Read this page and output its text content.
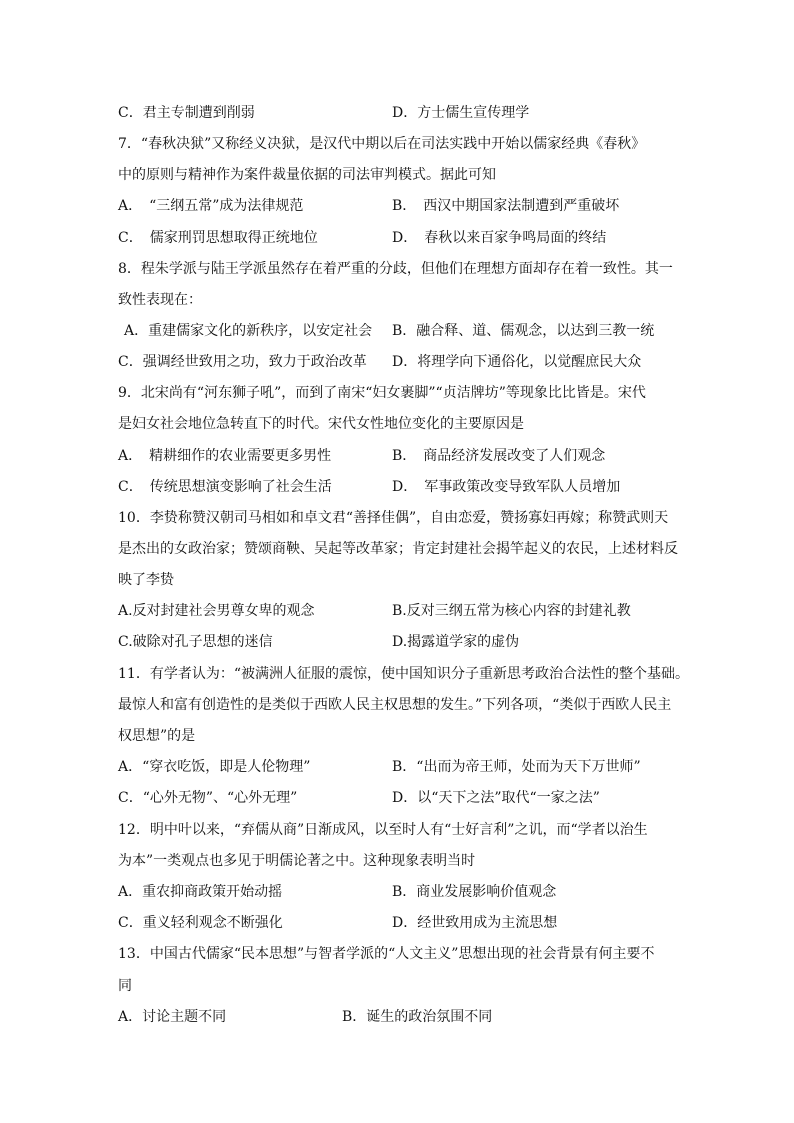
C．君主专制遭到削弱	D．方士儒生宣传理学
7．“春秋决狱”又称经义决狱，是汉代中期以后在司法实践中开始以儒家经典《春秋》
中的原则与精神作为案件裁量依据的司法审判模式。据此可知
A．　“三纲五常”成为法律规范	B．　西汉中期国家法制遭到严重破坏
C．　儒家刑罚思想取得正统地位	D．　春秋以来百家争鸣局面的终结
8．程朱学派与陆王学派虽然存在着严重的分歧，但他们在理想方面却存在着一致性。其一
致性表现在：
A．重建儒家文化的新秩序，以安定社会 B．融合释、道、儒观念，以达到三教一统
C．强调经世致用之功，致力于政治改革 D．将理学向下通俗化，以觉醒庶民大众
9．北宋尚有“河东狮子吼”，而到了南宋“妇女裹脚”“贞洁牌坊”等现象比比皆是。宋代
是妇女社会地位急转直下的时代。宋代女性地位变化的主要原因是
A．　精耕细作的农业需要更多男性	B．　商品经济发展改变了人们观念
C．　传统思想演变影响了社会生活	D．　军事政策改变导致军队人员增加
10．李贽称赞汉朝司马相如和卓文君“善择佳偶”，自由恋爱，赞扬寡妇再嫁；称赞武则天
是杰出的女政治家；赞颂商鞅、吴起等改革家；肯定封建社会揭竿起义的农民，上述材料反
映了李贽
A.反对封建社会男尊女卑的观念	B.反对三纲五常为核心内容的封建礼教
C.破除对孔子思想的迷信	D.揭露道学家的虚伪
11．有学者认为：“被满洲人征服的震惊，使中国知识分子重新思考政治合法性的整个基础。
最惊人和富有创造性的是类似于西欧人民主权思想的发生。”下列各项，“类似于西欧人民主
权思想”的是
A．“穿衣吃饭，即是人伦物理”	B．“出而为帝王师，处而为天下万世师”
C．“心外无物”、“心外无理”	D．以“天下之法”取代“一家之法”
12．明中叶以来，“弃儒从商”日渐成风，以至时人有“士好言利”之讥，而“学者以治生
为本”一类观点也多见于明儒论著之中。这种现象表明当时
A．重农抑商政策开始动摇	B．商业发展影响价值观念
C．重义轻利观念不断强化	D．经世致用成为主流思想
13．中国古代儒家“民本思想”与智者学派的“人文主义”思想出现的社会背景有何主要不
同
A．讨论主题不同	B．诞生的政治氛围不同
